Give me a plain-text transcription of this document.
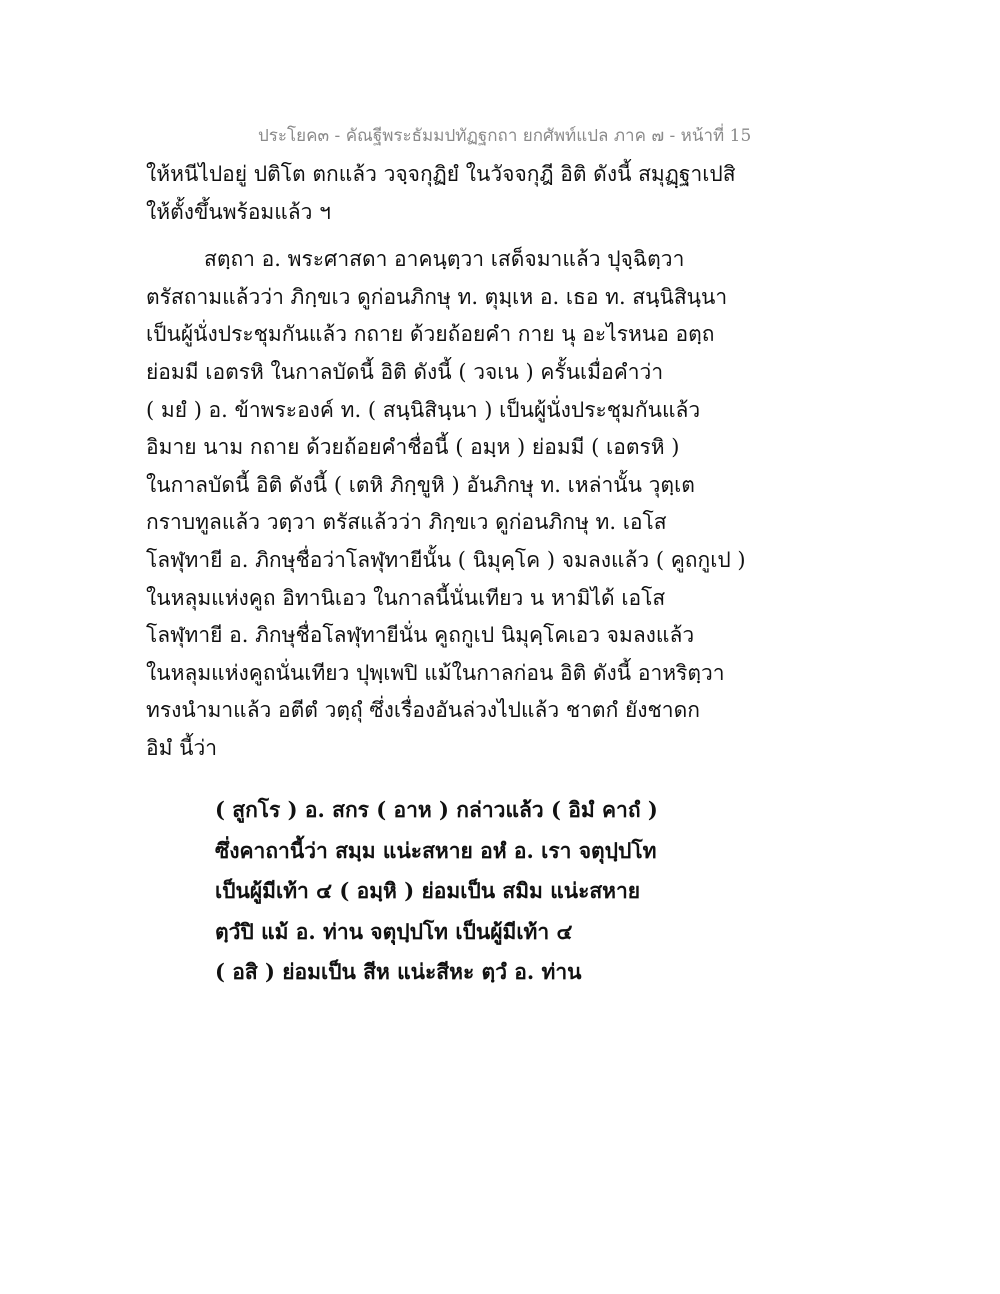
ประโยค๓ - คัณฐีพระธัมมปทัฏฐกถา ยกศัพท์แปล ภาค ๗ - หน้าที่ 15
ให้หนีไปอยู่ ปติโต ตกแล้ว วจฺจกุฏิยํ ในวัจจกุฎี อิติ ดังนี้ สมุฏฺฐาเปสิ
ให้ตั้งขึ้นพร้อมแล้ว ฯ
สตฺถา อ. พระศาสดา อาคนฺตฺวา เสด็จมาแล้ว ปุจฺฉิตฺวา
ตรัสถามแล้วว่า ภิกฺขเว ดูก่อนภิกษุ ท. ตุมฺเห อ. เธอ ท. สนฺนิสินฺนา
เป็นผู้นั่งประชุมกันแล้ว กถาย ด้วยถ้อยคำ กาย นุ อะไรหนอ อตฺถ
ย่อมมี เอตรหิ ในกาลบัดนี้ อิติ ดังนี้ ( วจเน ) ครั้นเมื่อคำว่า
( มยํ ) อ. ข้าพระองค์ ท. ( สนฺนิสินฺนา ) เป็นผู้นั่งประชุมกันแล้ว
อิมาย นาม กถาย ด้วยถ้อยคำชื่อนี้ ( อมฺห ) ย่อมมี ( เอตรหิ )
ในกาลบัดนี้ อิติ ดังนี้ ( เตหิ ภิกฺขูหิ ) อันภิกษุ ท. เหล่านั้น วุตฺเต
กราบทูลแล้ว วตฺวา ตรัสแล้วว่า ภิกฺขเว ดูก่อนภิกษุ ท. เอโส
โลฬุทายี อ. ภิกษุชื่อว่าโลฬุทายีนั้น ( นิมุคฺโค ) จมลงแล้ว ( คูถกูเป )
ในหลุมแห่งคูถ อิทานิเอว ในกาลนี้นั่นเทียว น หามิได้ เอโส
โลฬุทายี อ. ภิกษุชื่อโลฬุทายีนั่น คูถกูเป นิมุคฺโคเอว จมลงแล้ว
ในหลุมแห่งคูถนั่นเทียว ปุพฺเพปิ แม้ในกาลก่อน อิติ ดังนี้ อาหริตฺวา
ทรงนำมาแล้ว อตีตํ วตฺถุํ ซึ่งเรื่องอันล่วงไปแล้ว ชาตกํ ยังชาดก
อิมํ นี้ว่า
( สูกโร ) อ. สกร ( อาห ) กล่าวแล้ว ( อิมํ คาถํ )
ซึ่งคาถานี้ว่า สมฺม แน่ะสหาย อหํ อ. เรา จตุปฺปโท
เป็นผู้มีเท้า ๔ ( อมฺหิ ) ย่อมเป็น สมิม แน่ะสหาย
ตฺวํปิ แม้ อ. ท่าน จตุปฺปโท เป็นผู้มีเท้า ๔
( อสิ ) ย่อมเป็น สีห แน่ะสีหะ ตฺวํ อ. ท่าน
